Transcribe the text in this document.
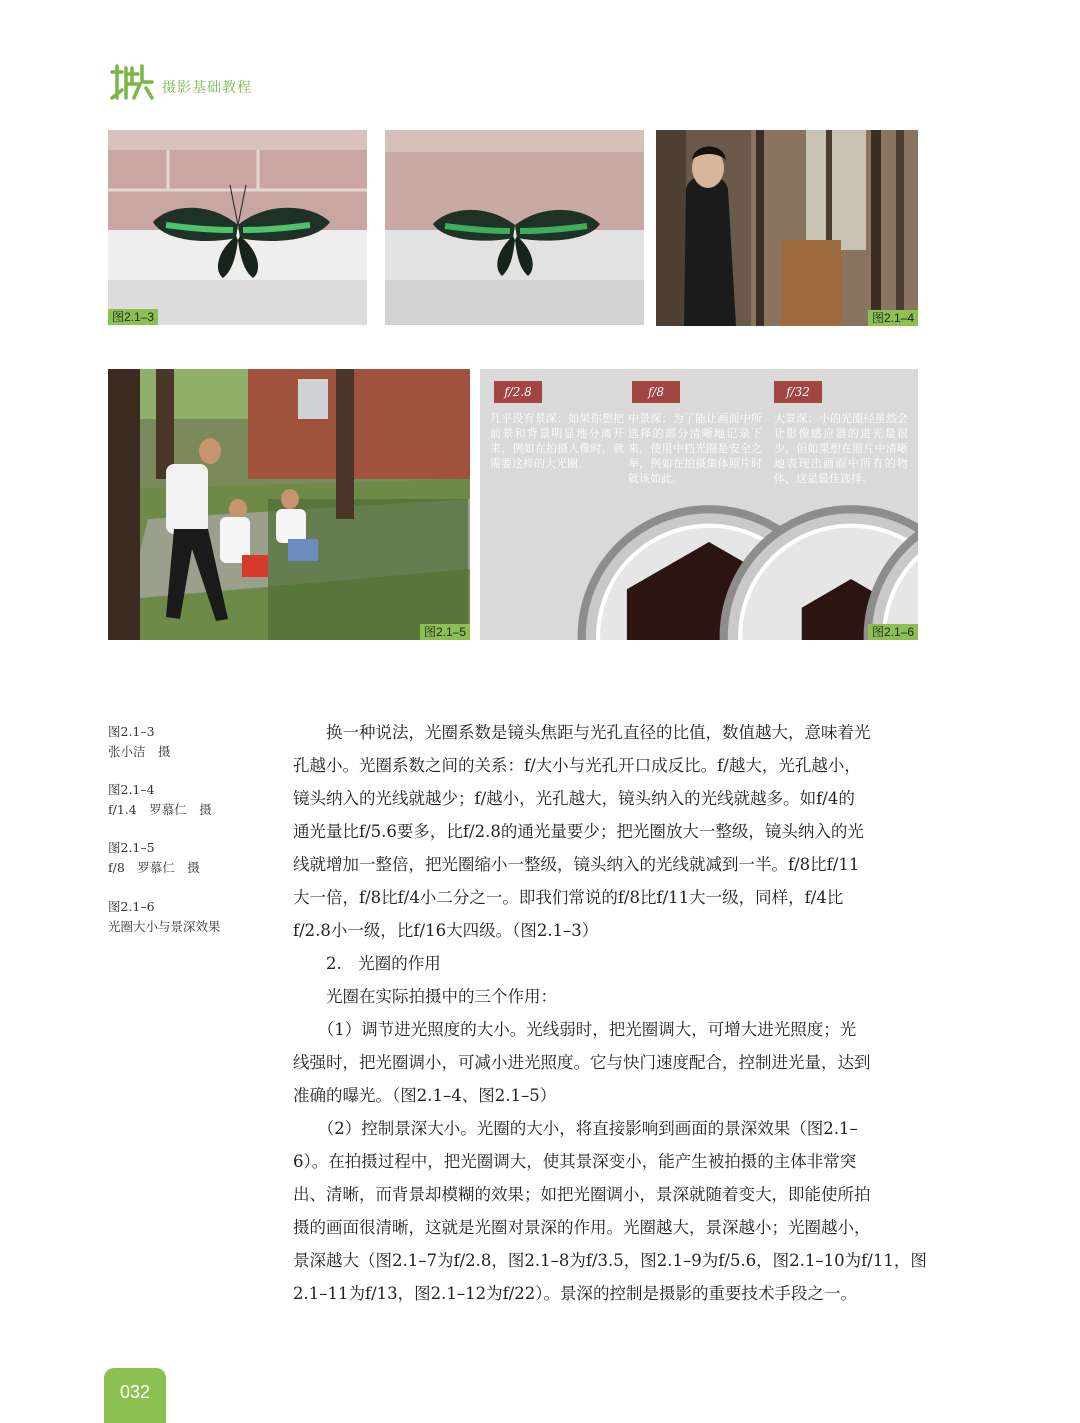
摄影基础教程
图2.1–3	图2.1–4
图2.1–5
f/2.8	f/8	f/32
几乎没有景深：如果你想把前景和背景明显地分离开来，例如在拍摄人像时，就需要这样的大光圈。
中景深：为了能让画面中所选择的部分清晰地记录下来，使用中档光圈是安全之举，例如在拍摄集体照片时就该如此。
大景深：小的光圈径虽然会让影像感应器的进光量很少，但如果想在照片中清晰地表现出画面中所有的物体，这是最佳选择。
图2.1–6
图2.1–3
张小洁　摄
图2.1–4
f/1.4　罗慕仁　摄
图2.1–5
f/8　罗慕仁　摄
图2.1–6
光圈大小与景深效果
　　换一种说法，光圈系数是镜头焦距与光孔直径的比值，数值越大，意味着光
孔越小。光圈系数之间的关系：f/大小与光孔开口成反比。f/越大，光孔越小，
镜头纳入的光线就越少；f/越小，光孔越大，镜头纳入的光线就越多。如f/4的
通光量比f/5.6要多，比f/2.8的通光量要少；把光圈放大一整级，镜头纳入的光
线就增加一整倍，把光圈缩小一整级，镜头纳入的光线就减到一半。f/8比f/11
大一倍，f/8比f/4小二分之一。即我们常说的f/8比f/11大一级，同样，f/4比
f/2.8小一级，比f/16大四级。（图2.1–3）
　　2.　光圈的作用
　　光圈在实际拍摄中的三个作用：
　　（1）调节进光照度的大小。光线弱时，把光圈调大，可增大进光照度；光
线强时，把光圈调小，可减小进光照度。它与快门速度配合，控制进光量，达到
准确的曝光。（图2.1–4、图2.1–5）
　　（2）控制景深大小。光圈的大小，将直接影响到画面的景深效果（图2.1–
6）。在拍摄过程中，把光圈调大，使其景深变小，能产生被拍摄的主体非常突
出、清晰，而背景却模糊的效果；如把光圈调小，景深就随着变大，即能使所拍
摄的画面很清晰，这就是光圈对景深的作用。光圈越大，景深越小；光圈越小，
景深越大（图2.1–7为f/2.8，图2.1–8为f/3.5，图2.1–9为f/5.6，图2.1–10为f/11，图
2.1–11为f/13，图2.1–12为f/22）。景深的控制是摄影的重要技术手段之一。
032
